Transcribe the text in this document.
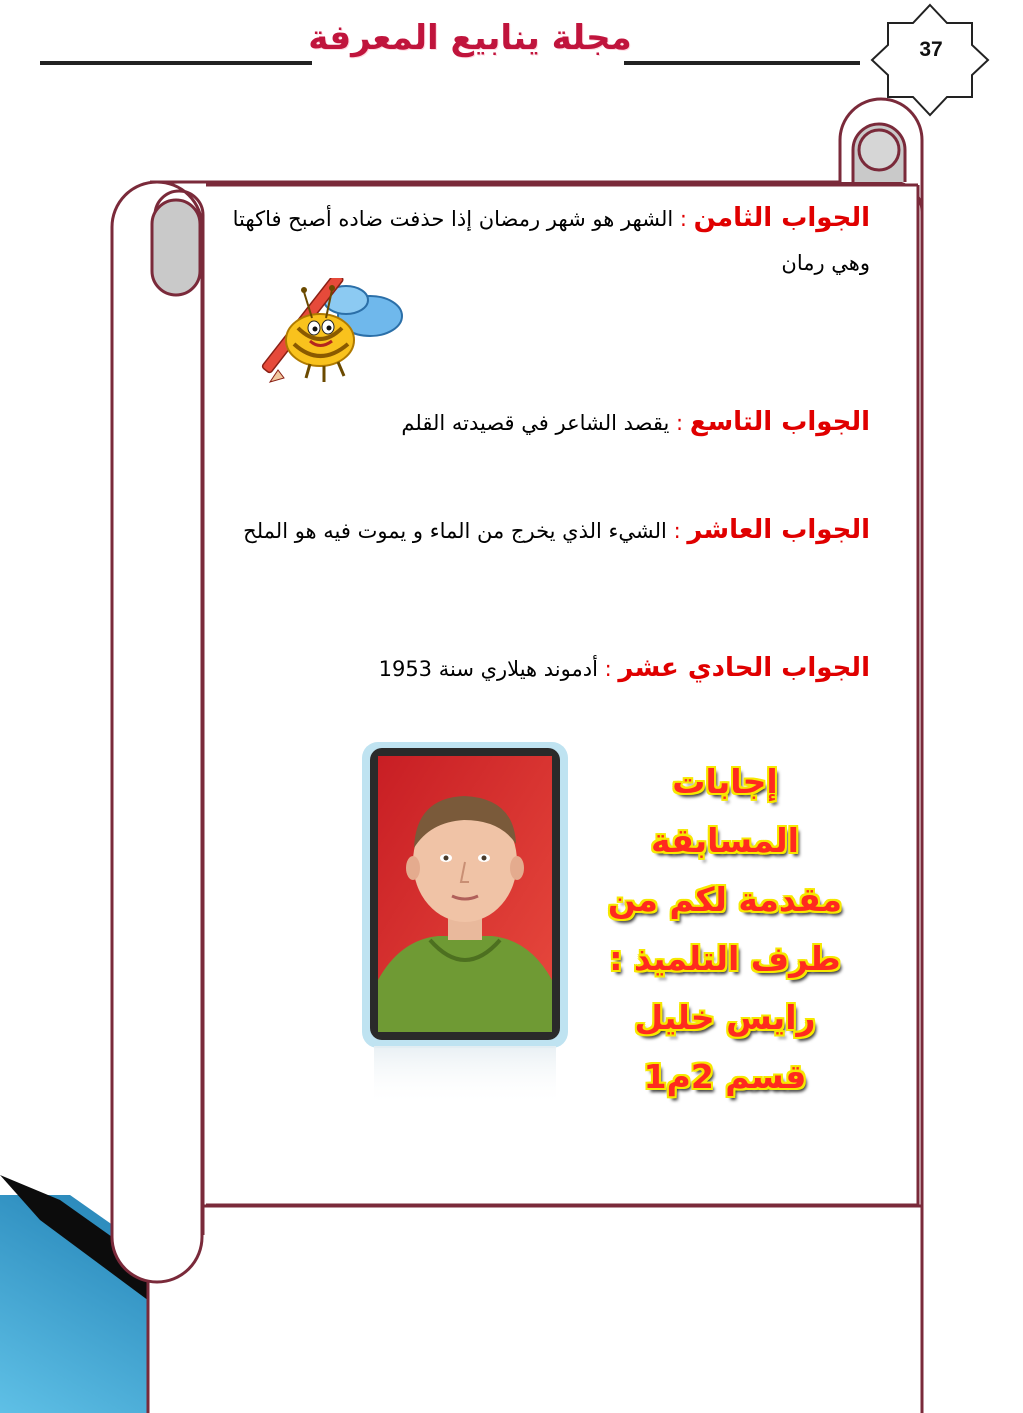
مجلة ينابيع المعرفة	37
الجواب الثامن : الشهر هو شهر رمضان إذا حذفت ضاده أصبح فاكهتا وهي رمان
الجواب التاسع : يقصد الشاعر في قصيدته القلم
الجواب العاشر : الشيء الذي يخرج من الماء و يموت فيه هو الملح
الجواب الحادي عشر : أدموند هيلاري سنة 1953
إجابات
المسابقة
مقدمة لكم من
طرف التلميذ :
رايس خليل
قسم 2م1
